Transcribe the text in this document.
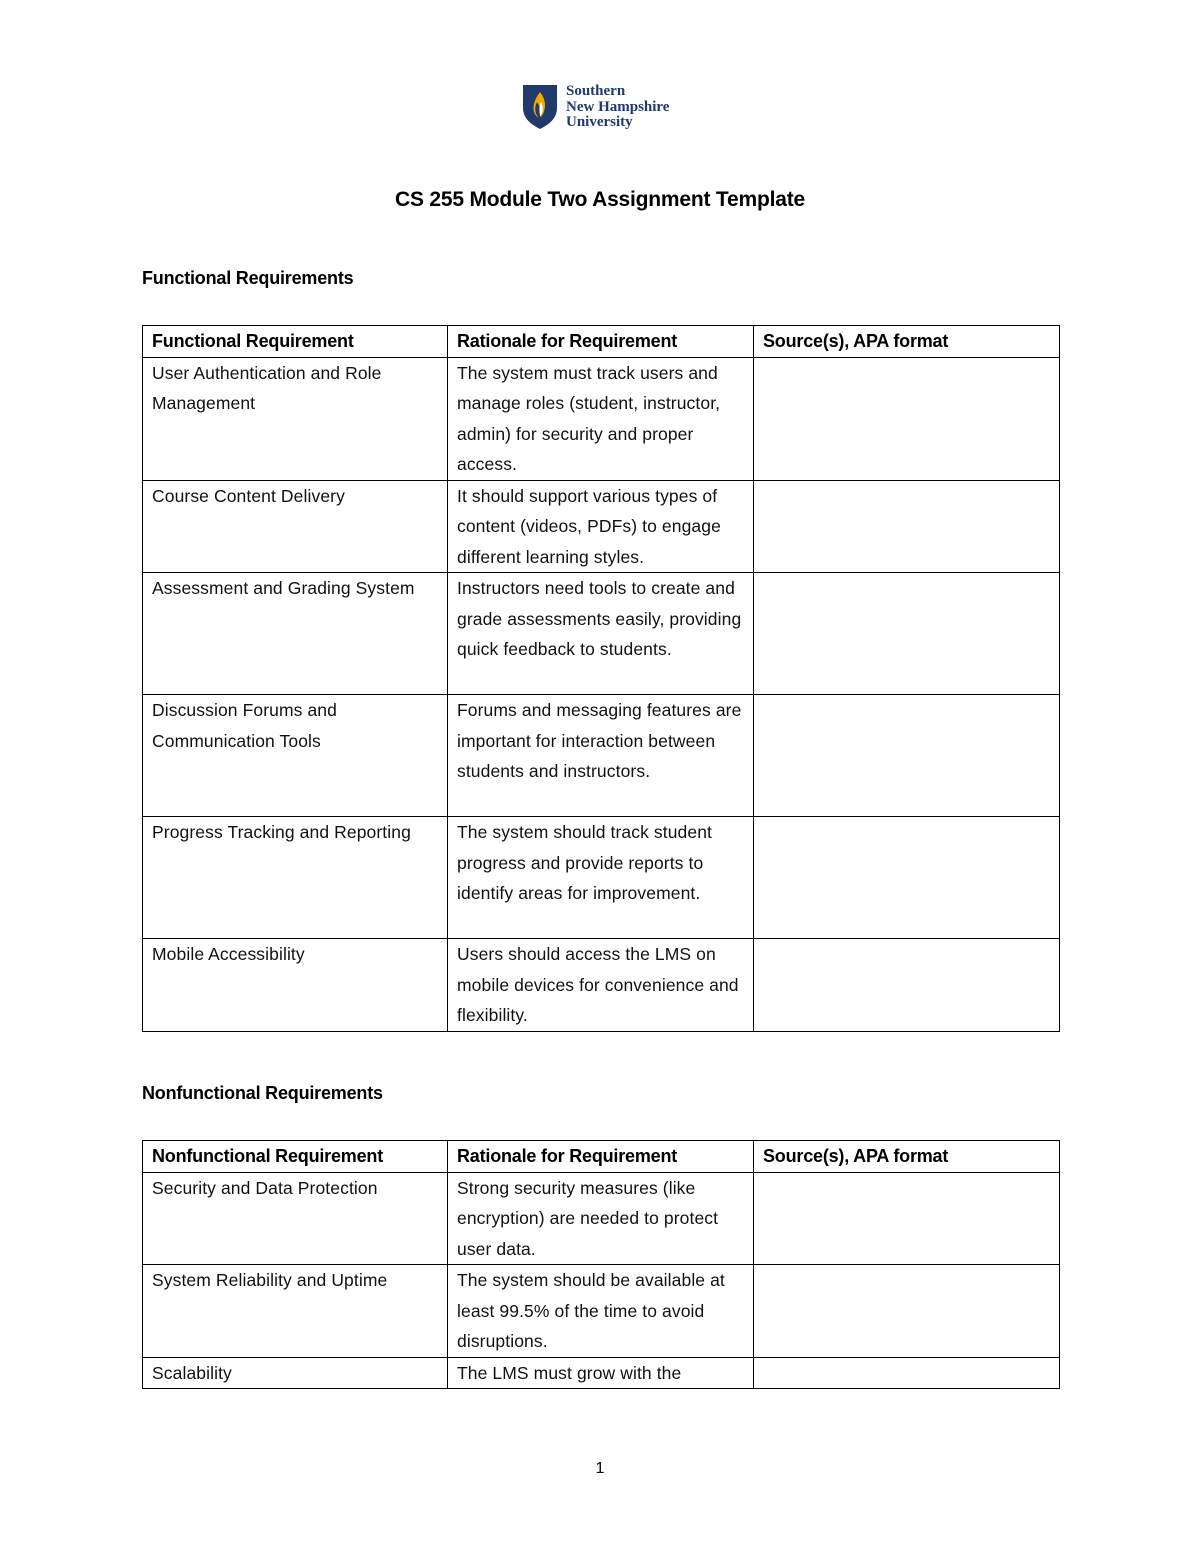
Southern
New Hampshire
University
CS 255 Module Two Assignment Template
Functional Requirements
Functional Requirement	Rationale for Requirement	Source(s), APA format
User Authentication and Role Management	The system must track users and manage roles (student, instructor, admin) for security and proper access.	
Course Content Delivery	It should support various types of content (videos, PDFs) to engage different learning styles.	
Assessment and Grading System	Instructors need tools to create and grade assessments easily, providing quick feedback to students.	
Discussion Forums and Communication Tools	Forums and messaging features are important for interaction between students and instructors.	
Progress Tracking and Reporting	The system should track student progress and provide reports to identify areas for improvement.	
Mobile Accessibility	Users should access the LMS on mobile devices for convenience and flexibility.	
Nonfunctional Requirements
Nonfunctional Requirement	Rationale for Requirement	Source(s), APA format
Security and Data Protection	Strong security measures (like encryption) are needed to protect user data.	
System Reliability and Uptime	The system should be available at least 99.5% of the time to avoid disruptions.	
Scalability	The LMS must grow with the	
1
